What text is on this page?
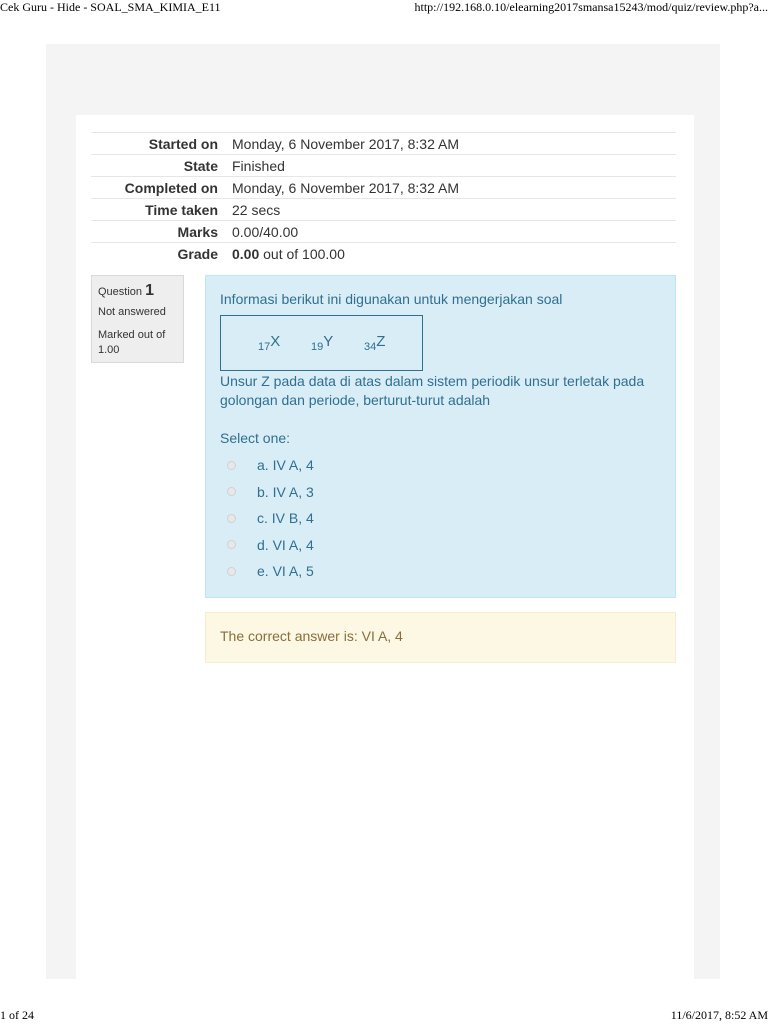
Cek Guru - Hide - SOAL_SMA_KIMIA_E11	http://192.168.0.10/elearning2017smansa15243/mod/quiz/review.php?a...
Started on	Monday, 6 November 2017, 8:32 AM
State	Finished
Completed on	Monday, 6 November 2017, 8:32 AM
Time taken	22 secs
Marks	0.00/40.00
Grade	0.00 out of 100.00
Question 1
Not answered
Marked out of 1.00
Informasi berikut ini digunakan untuk mengerjakan soal
$_{17}$X	$_{19}$Y	$_{34}$Z
Unsur Z pada data di atas dalam sistem periodik unsur terletak pada golongan dan periode, berturut-turut adalah
Select one:
a. IV A, 4
b. IV A, 3
c. IV B, 4
d. VI A, 4
e. VI A, 5
The correct answer is: VI A, 4
1 of 24	11/6/2017, 8:52 AM
